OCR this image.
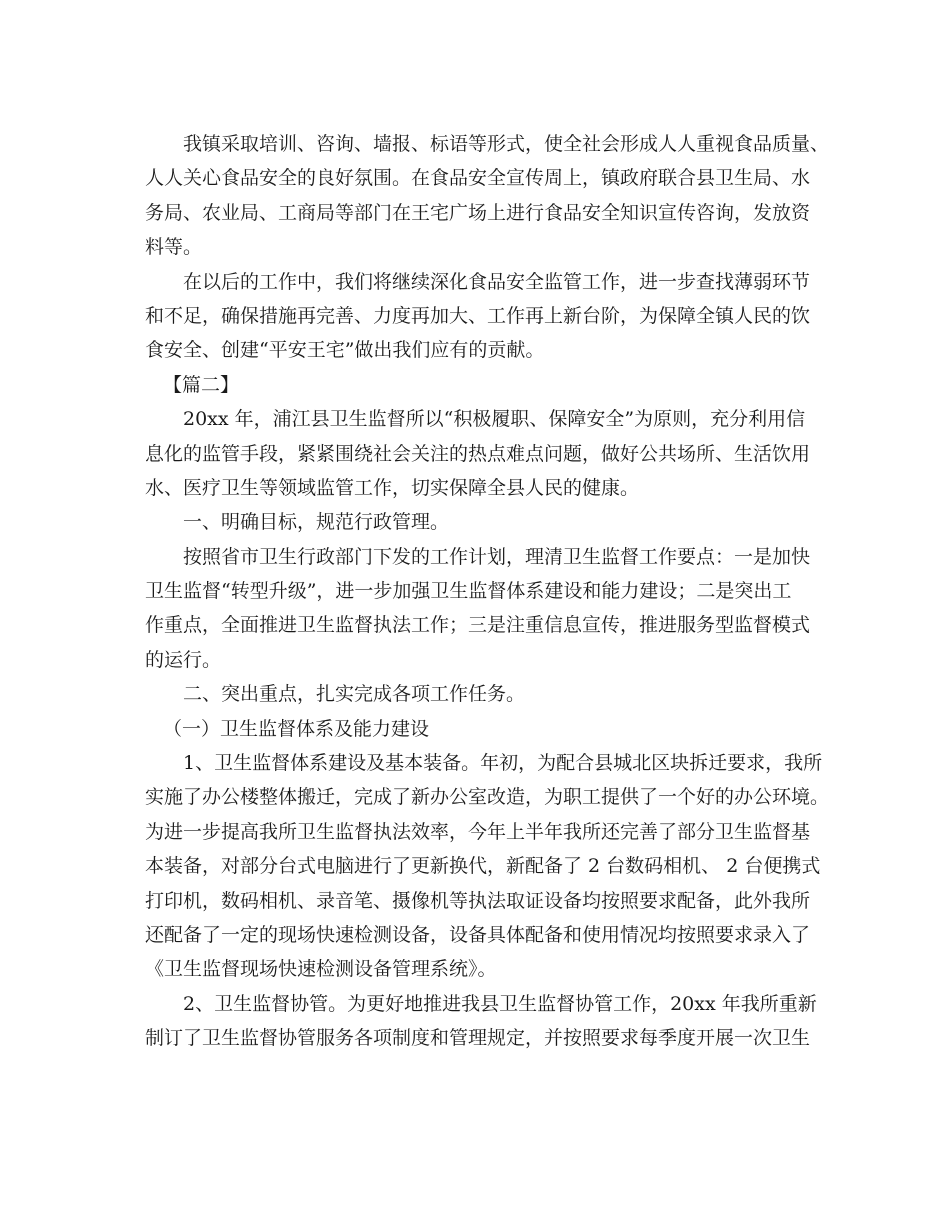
我镇采取培训、咨询、墙报、标语等形式，使全社会形成人人重视食品质量、
人人关心食品安全的良好氛围。在食品安全宣传周上，镇政府联合县卫生局、水
务局、农业局、工商局等部门在王宅广场上进行食品安全知识宣传咨询，发放资
料等。
在以后的工作中，我们将继续深化食品安全监管工作，进一步查找薄弱环节
和不足，确保措施再完善、力度再加大、工作再上新台阶，为保障全镇人民的饮
食安全、创建“平安王宅”做出我们应有的贡献。
【篇二】
20xx 年，浦江县卫生监督所以“积极履职、保障安全”为原则，充分利用信
息化的监管手段，紧紧围绕社会关注的热点难点问题，做好公共场所、生活饮用
水、医疗卫生等领域监管工作，切实保障全县人民的健康。
一、明确目标，规范行政管理。
按照省市卫生行政部门下发的工作计划，理清卫生监督工作要点：一是加快
卫生监督“转型升级”，进一步加强卫生监督体系建设和能力建设；二是突出工
作重点，全面推进卫生监督执法工作；三是注重信息宣传，推进服务型监督模式
的运行。
二、突出重点，扎实完成各项工作任务。
（一）卫生监督体系及能力建设
1、卫生监督体系建设及基本装备。年初，为配合县城北区块拆迁要求，我所
实施了办公楼整体搬迁，完成了新办公室改造，为职工提供了一个好的办公环境。
为进一步提高我所卫生监督执法效率，今年上半年我所还完善了部分卫生监督基
本装备，对部分台式电脑进行了更新换代，新配备了 2 台数码相机、 2 台便携式
打印机，数码相机、录音笔、摄像机等执法取证设备均按照要求配备，此外我所
还配备了一定的现场快速检测设备，设备具体配备和使用情况均按照要求录入了
《卫生监督现场快速检测设备管理系统》。
2、卫生监督协管。为更好地推进我县卫生监督协管工作，20xx 年我所重新
制订了卫生监督协管服务各项制度和管理规定，并按照要求每季度开展一次卫生
